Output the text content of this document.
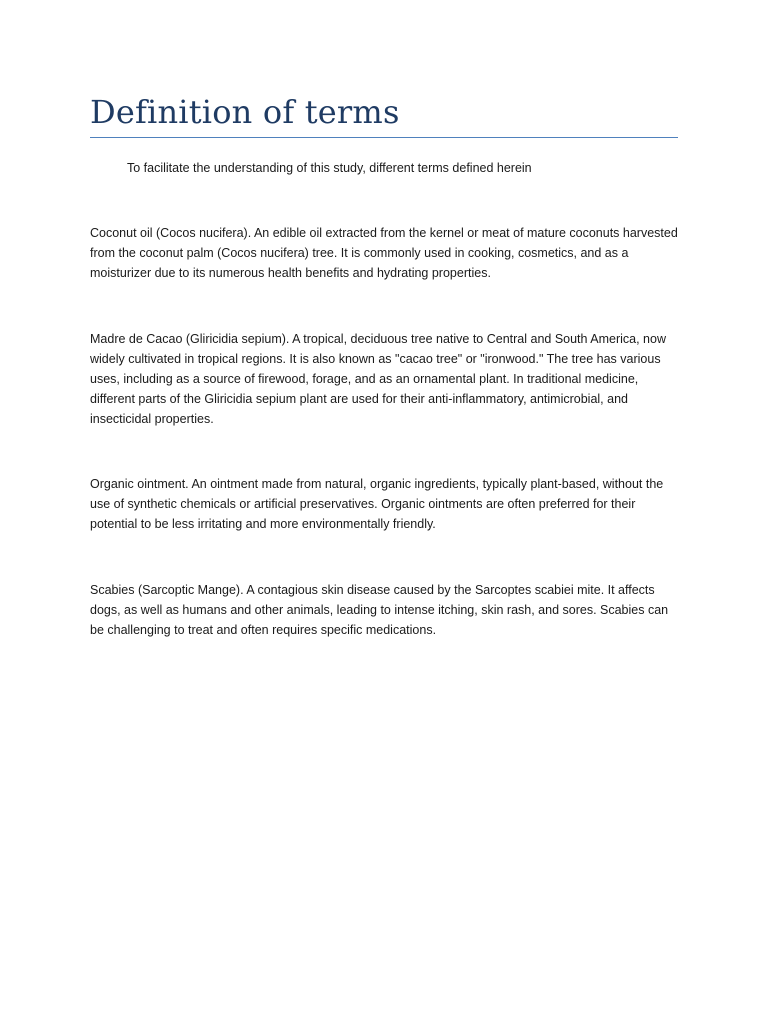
Definition of terms

To facilitate the understanding of this study, different terms defined herein

Coconut oil (Cocos nucifera). An edible oil extracted from the kernel or meat of mature coconuts harvested from the coconut palm (Cocos nucifera) tree. It is commonly used in cooking, cosmetics, and as a moisturizer due to its numerous health benefits and hydrating properties.

Madre de Cacao (Gliricidia sepium). A tropical, deciduous tree native to Central and South America, now widely cultivated in tropical regions. It is also known as "cacao tree" or "ironwood." The tree has various uses, including as a source of firewood, forage, and as an ornamental plant. In traditional medicine, different parts of the Gliricidia sepium plant are used for their anti-inflammatory, antimicrobial, and insecticidal properties.

Organic ointment. An ointment made from natural, organic ingredients, typically plant-based, without the use of synthetic chemicals or artificial preservatives. Organic ointments are often preferred for their potential to be less irritating and more environmentally friendly.

Scabies (Sarcoptic Mange). A contagious skin disease caused by the Sarcoptes scabiei mite. It affects dogs, as well as humans and other animals, leading to intense itching, skin rash, and sores. Scabies can be challenging to treat and often requires specific medications.
